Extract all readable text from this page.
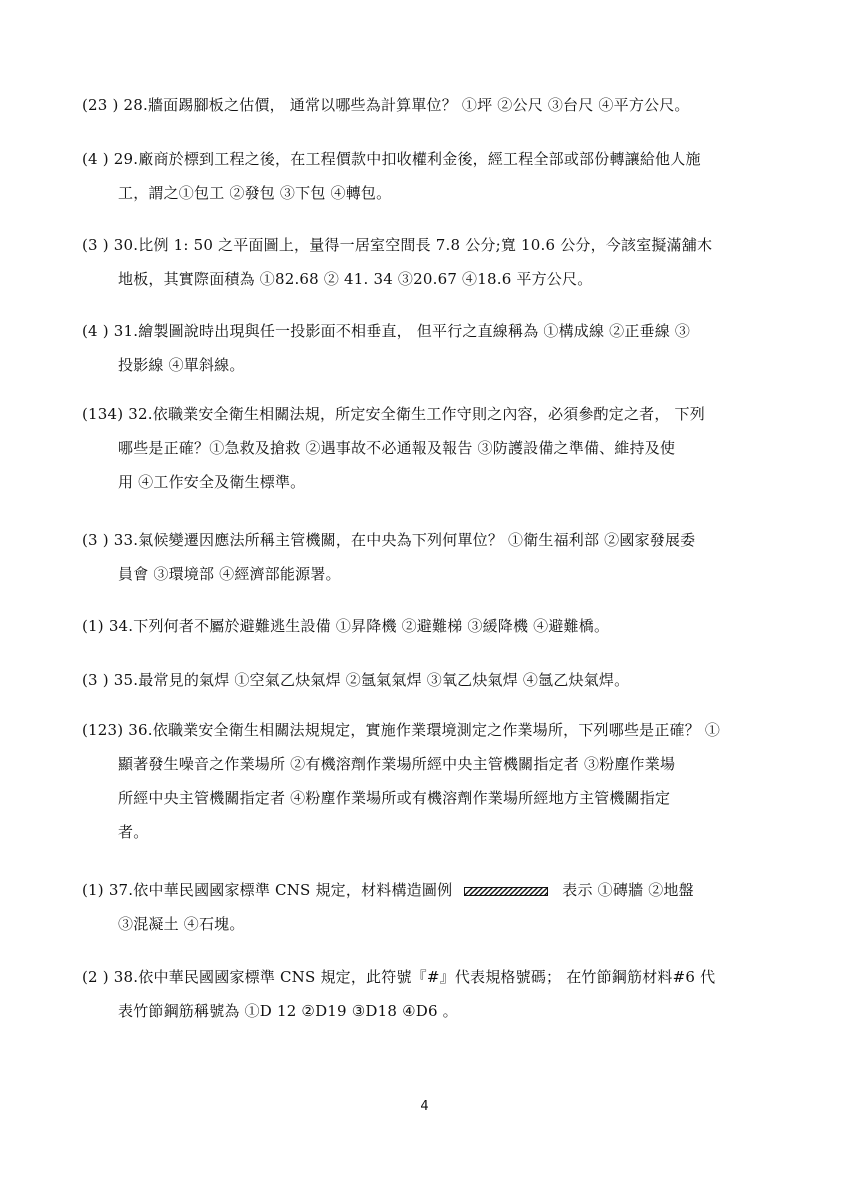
(23 ) 28.牆面踢腳板之估價， 通常以哪些為計算單位？ ①坪 ②公尺 ③台尺 ④平方公尺。
(4 ) 29.廠商於標到工程之後，在工程價款中扣收權利金後，經工程全部或部份轉讓給他人施
工，謂之①包工 ②發包 ③下包 ④轉包。
(3 ) 30.比例 1: 50 之平面圖上，量得一居室空間長 7.8 公分;寬 10.6 公分，今該室擬滿舖木
地板，其實際面積為 ①82.68 ② 41. 34 ③20.67 ④18.6 平方公尺。
(4 ) 31.繪製圖說時出現與任一投影面不相垂直， 但平行之直線稱為 ①構成線 ②正垂線 ③
投影線 ④單斜線。
(134) 32.依職業安全衛生相關法規，所定安全衛生工作守則之內容，必須參酌定之者， 下列
哪些是正確？①急救及搶救 ②遇事故不必通報及報告 ③防護設備之準備、維持及使
用 ④工作安全及衛生標準。
(3 ) 33.氣候變遷因應法所稱主管機關，在中央為下列何單位？ ①衛生福利部 ②國家發展委
員會 ③環境部 ④經濟部能源署。
(1) 34.下列何者不屬於避難逃生設備 ①昇降機 ②避難梯 ③緩降機 ④避難橋。
(3 ) 35.最常見的氣焊 ①空氣乙炔氣焊 ②氬氣氣焊 ③氧乙炔氣焊 ④氬乙炔氣焊。
(123) 36.依職業安全衛生相關法規規定，實施作業環境測定之作業場所，下列哪些是正確？ ①
顯著發生噪音之作業場所 ②有機溶劑作業場所經中央主管機關指定者 ③粉塵作業場
所經中央主管機關指定者 ④粉塵作業場所或有機溶劑作業場所經地方主管機關指定
者。
(1) 37.依中華民國國家標準 CNS 規定，材料構造圖例	表示 ①磚牆 ②地盤
③混凝土 ④石塊。
(2 ) 38.依中華民國國家標準 CNS 規定，此符號『#』代表規格號碼； 在竹節鋼筋材料#6 代
表竹節鋼筋稱號為 ①D 12 ②D19 ③D18 ④D6 。
4
